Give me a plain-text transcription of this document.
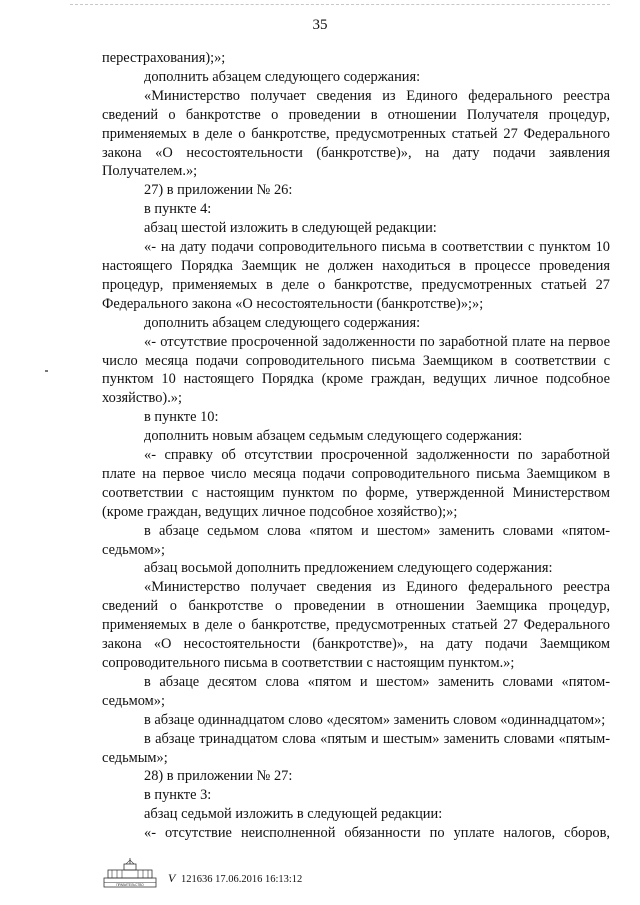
35

перестрахования);»;

дополнить абзацем следующего содержания:

«Министерство получает сведения из Единого федерального реестра сведений о банкротстве о проведении в отношении Получателя процедур, применяемых в деле о банкротстве, предусмотренных статьей 27 Федерального закона «О несостоятельности (банкротстве)», на дату подачи заявления Получателем.»;

27) в приложении № 26:

в пункте 4:

абзац шестой изложить в следующей редакции:

«- на дату подачи сопроводительного письма в соответствии с пунктом 10 настоящего Порядка Заемщик не должен находиться в процессе проведения процедур, применяемых в деле о банкротстве, предусмотренных статьей 27 Федерального закона «О несостоятельности (банкротстве)»;»;

дополнить абзацем следующего содержания:

«- отсутствие просроченной задолженности по заработной плате на первое число месяца подачи сопроводительного письма Заемщиком в соответствии с пунктом 10 настоящего Порядка (кроме граждан, ведущих личное подсобное хозяйство).»;

в пункте 10:

дополнить новым абзацем седьмым следующего содержания:

«- справку об отсутствии просроченной задолженности по заработной плате на первое число месяца подачи сопроводительного письма Заемщиком в соответствии с настоящим пунктом по форме, утвержденной Министерством (кроме граждан, ведущих личное подсобное хозяйство);»;

в абзаце седьмом слова «пятом и шестом» заменить словами «пятом-седьмом»;

абзац восьмой дополнить предложением следующего содержания:

«Министерство получает сведения из Единого федерального реестра сведений о банкротстве о проведении в отношении Заемщика процедур, применяемых в деле о банкротстве, предусмотренных статьей 27 Федерального закона «О несостоятельности (банкротстве)», на дату подачи Заемщиком сопроводительного письма в соответствии с настоящим пунктом.»;

в абзаце десятом слова «пятом и шестом» заменить словами «пятом-седьмом»;

в абзаце одиннадцатом слово «десятом» заменить словом «одиннадцатом»;

в абзаце тринадцатом слова «пятым и шестым» заменить словами «пятым-седьмым»;

28) в приложении № 27:

в пункте 3:

абзац седьмой изложить в следующей редакции:

«- отсутствие неисполненной обязанности по уплате налогов, сборов,

ПРАВИТЕЛЬСТВО V 121636 17.06.2016 16:13:12
